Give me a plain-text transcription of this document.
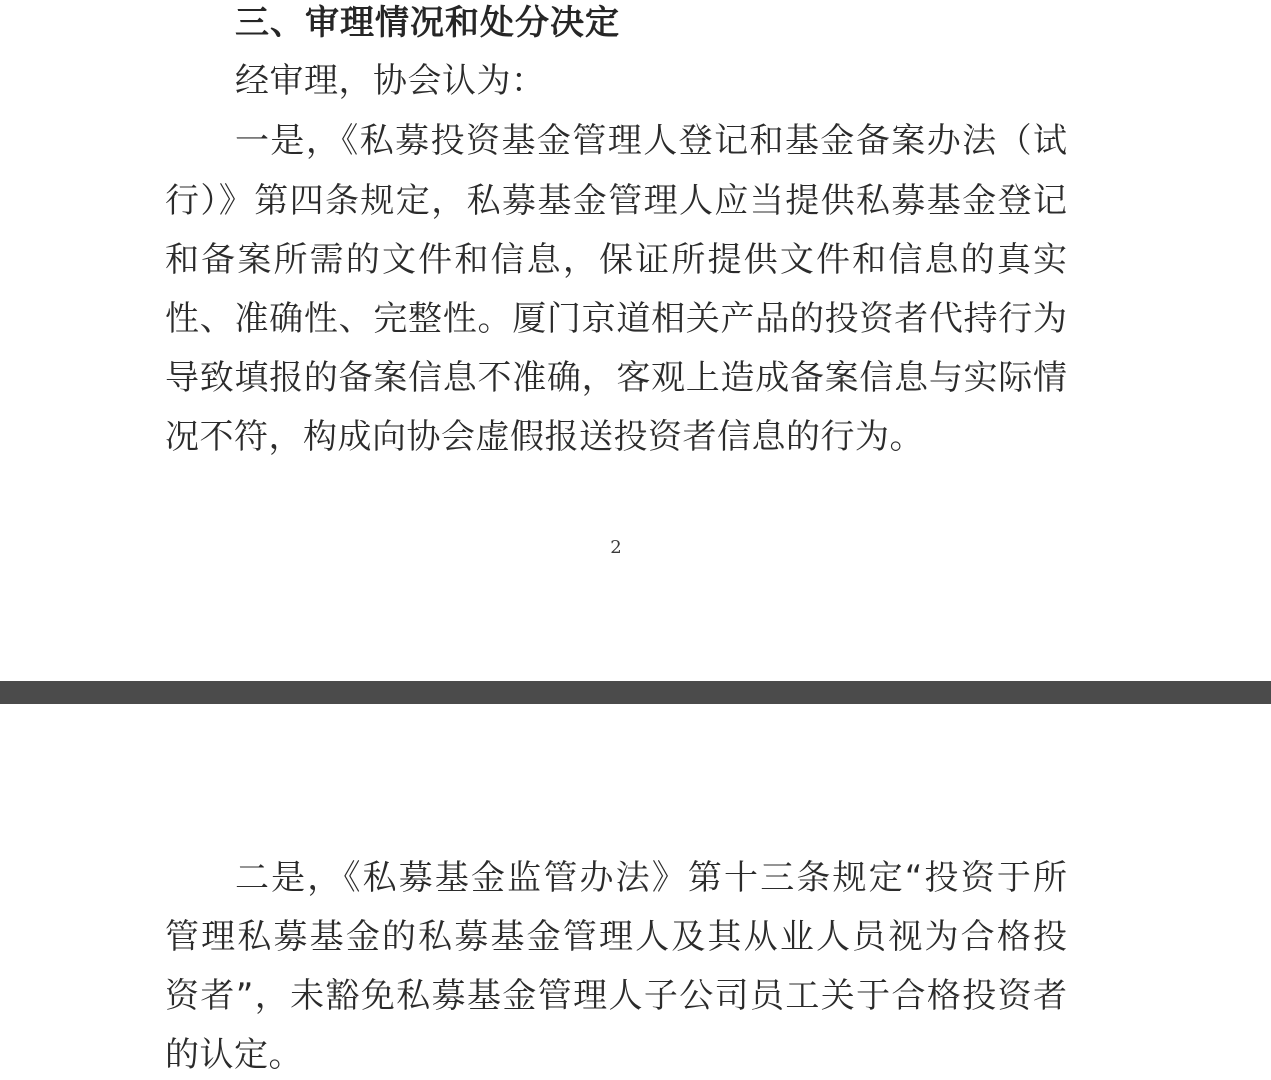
三、审理情况和处分决定
经审理，协会认为：
一是，《私募投资基金管理人登记和基金备案办法（试
行）》第四条规定，私募基金管理人应当提供私募基金登记
和备案所需的文件和信息，保证所提供文件和信息的真实
性、准确性、完整性。厦门京道相关产品的投资者代持行为
导致填报的备案信息不准确，客观上造成备案信息与实际情
况不符，构成向协会虚假报送投资者信息的行为。
2
二是，《私募基金监管办法》第十三条规定“投资于所
管理私募基金的私募基金管理人及其从业人员视为合格投
资者”，未豁免私募基金管理人子公司员工关于合格投资者
的认定。
